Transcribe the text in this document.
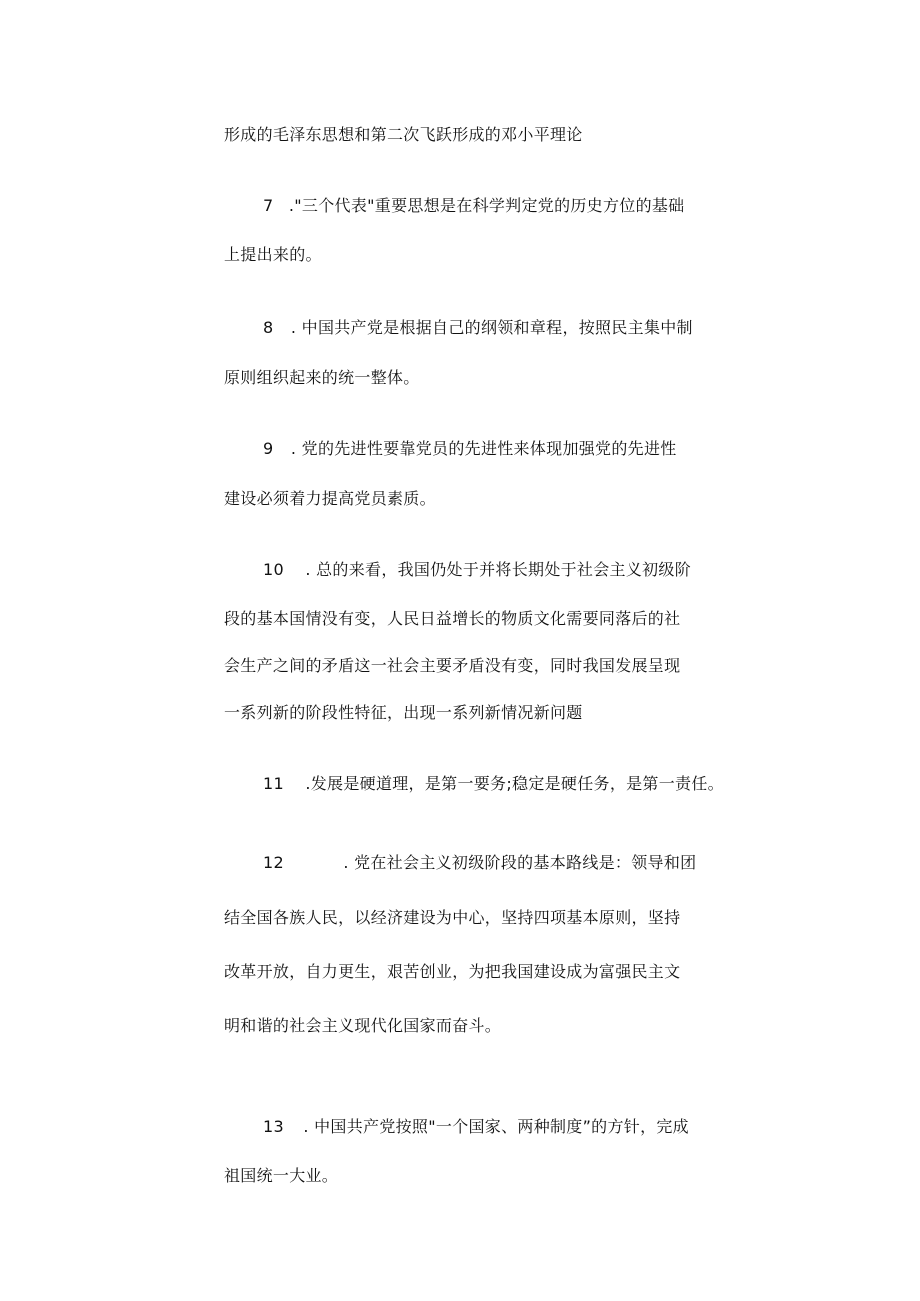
形成的毛泽东思想和第二次飞跃形成的邓小平理论
7 ."三个代表"重要思想是在科学判定党的历史方位的基础
上提出来的。
8 . 中国共产党是根据自己的纲领和章程，按照民主集中制
原则组织起来的统一整体。
9 . 党的先进性要靠党员的先进性来体现加强党的先进性
建设必须着力提高党员素质。
10 . 总的来看，我国仍处于并将长期处于社会主义初级阶
段的基本国情没有变，人民日益增长的物质文化需要同落后的社
会生产之间的矛盾这一社会主要矛盾没有变，同时我国发展呈现
一系列新的阶段性特征，出现一系列新情况新问题
11 .发展是硬道理，是第一要务;稳定是硬任务，是第一责任。
12	. 党在社会主义初级阶段的基本路线是：领导和团
结全国各族人民，以经济建设为中心，坚持四项基本原则，坚持
改革开放，自力更生，艰苦创业，为把我国建设成为富强民主文
明和谐的社会主义现代化国家而奋斗。
13 . 中国共产党按照"一个国家、两种制度”的方针，完成
祖国统一大业。
